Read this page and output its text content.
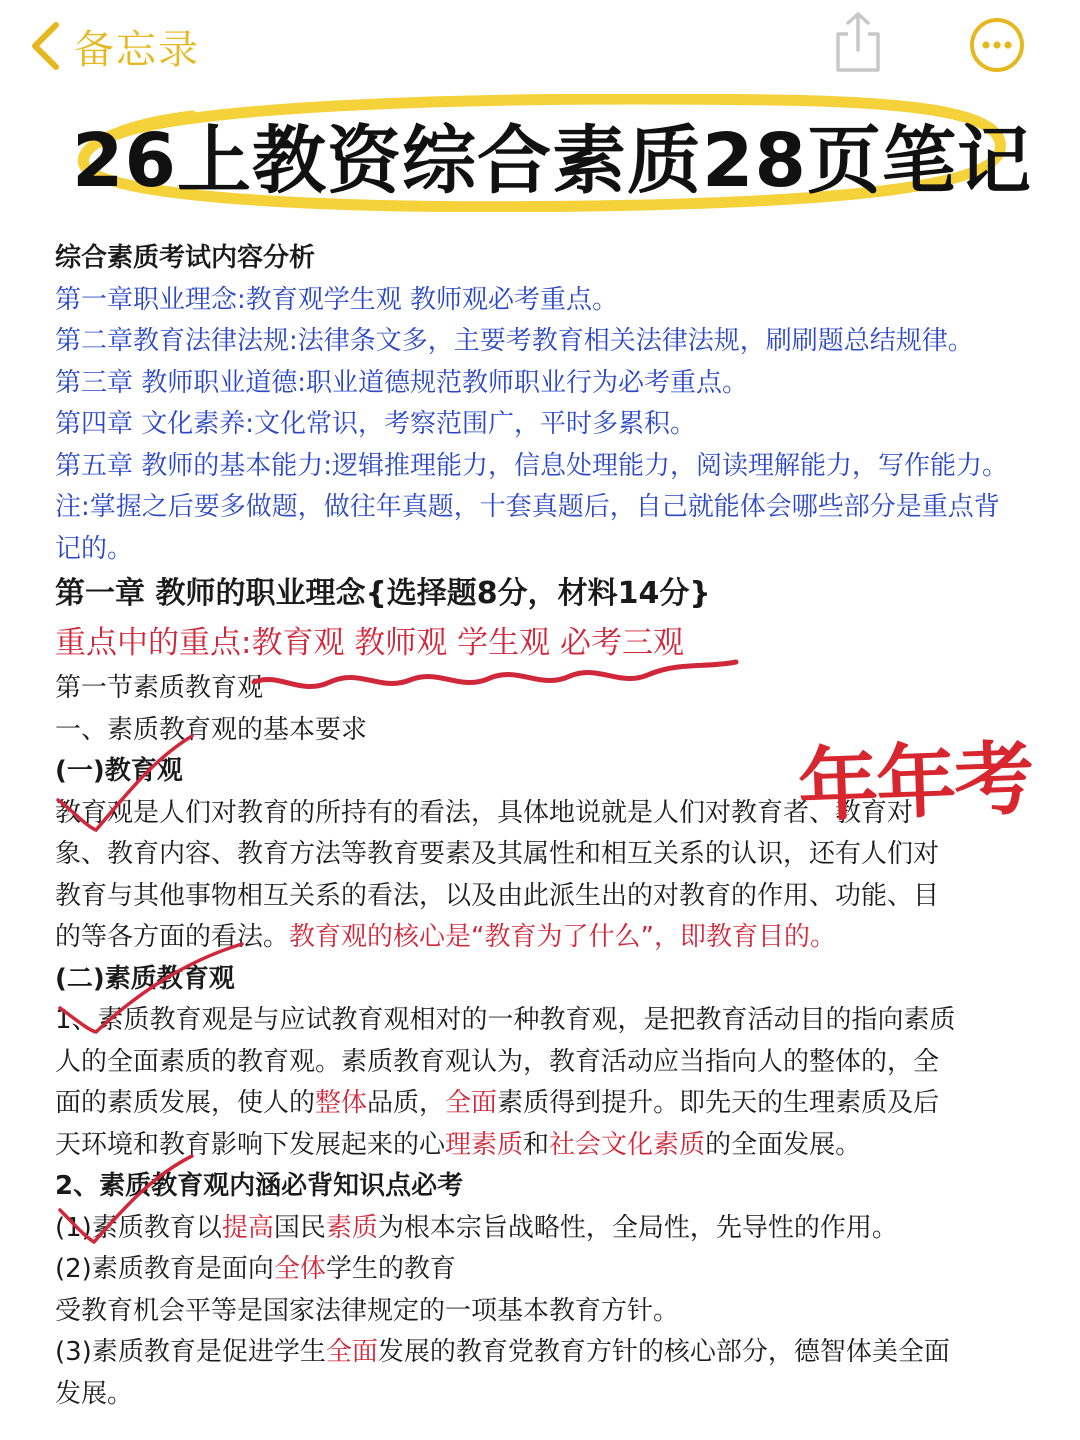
备忘录
26上教资综合素质28页笔记
综合素质考试内容分析
第一章职业理念:教育观学生观 教师观必考重点。
第二章教育法律法规:法律条文多，主要考教育相关法律法规，刷刷题总结规律。
第三章 教师职业道德:职业道德规范教师职业行为必考重点。
第四章 文化素养:文化常识，考察范围广，平时多累积。
第五章 教师的基本能力:逻辑推理能力，信息处理能力，阅读理解能力，写作能力。
注:掌握之后要多做题，做往年真题，十套真题后，自己就能体会哪些部分是重点背
记的。
第一章 教师的职业理念{选择题8分，材料14分}
重点中的重点:教育观 教师观 学生观 必考三观
第一节素质教育观
一、素质教育观的基本要求
(一)教育观
教育观是人们对教育的所持有的看法，具体地说就是人们对教育者、教育对
象、教育内容、教育方法等教育要素及其属性和相互关系的认识，还有人们对
教育与其他事物相互关系的看法，以及由此派生出的对教育的作用、功能、目
的等各方面的看法。教育观的核心是“教育为了什么”，即教育目的。
(二)素质教育观
1、素质教育观是与应试教育观相对的一种教育观，是把教育活动目的指向素质
人的全面素质的教育观。素质教育观认为，教育活动应当指向人的整体的，全
面的素质发展，使人的整体品质，全面素质得到提升。即先天的生理素质及后
天环境和教育影响下发展起来的心理素质和社会文化素质的全面发展。
2、素质教育观内涵必背知识点必考
(1)素质教育以提高国民素质为根本宗旨战略性，全局性，先导性的作用。
(2)素质教育是面向全体学生的教育
受教育机会平等是国家法律规定的一项基本教育方针。
(3)素质教育是促进学生全面发展的教育党教育方针的核心部分，德智体美全面
发展。
年年考
